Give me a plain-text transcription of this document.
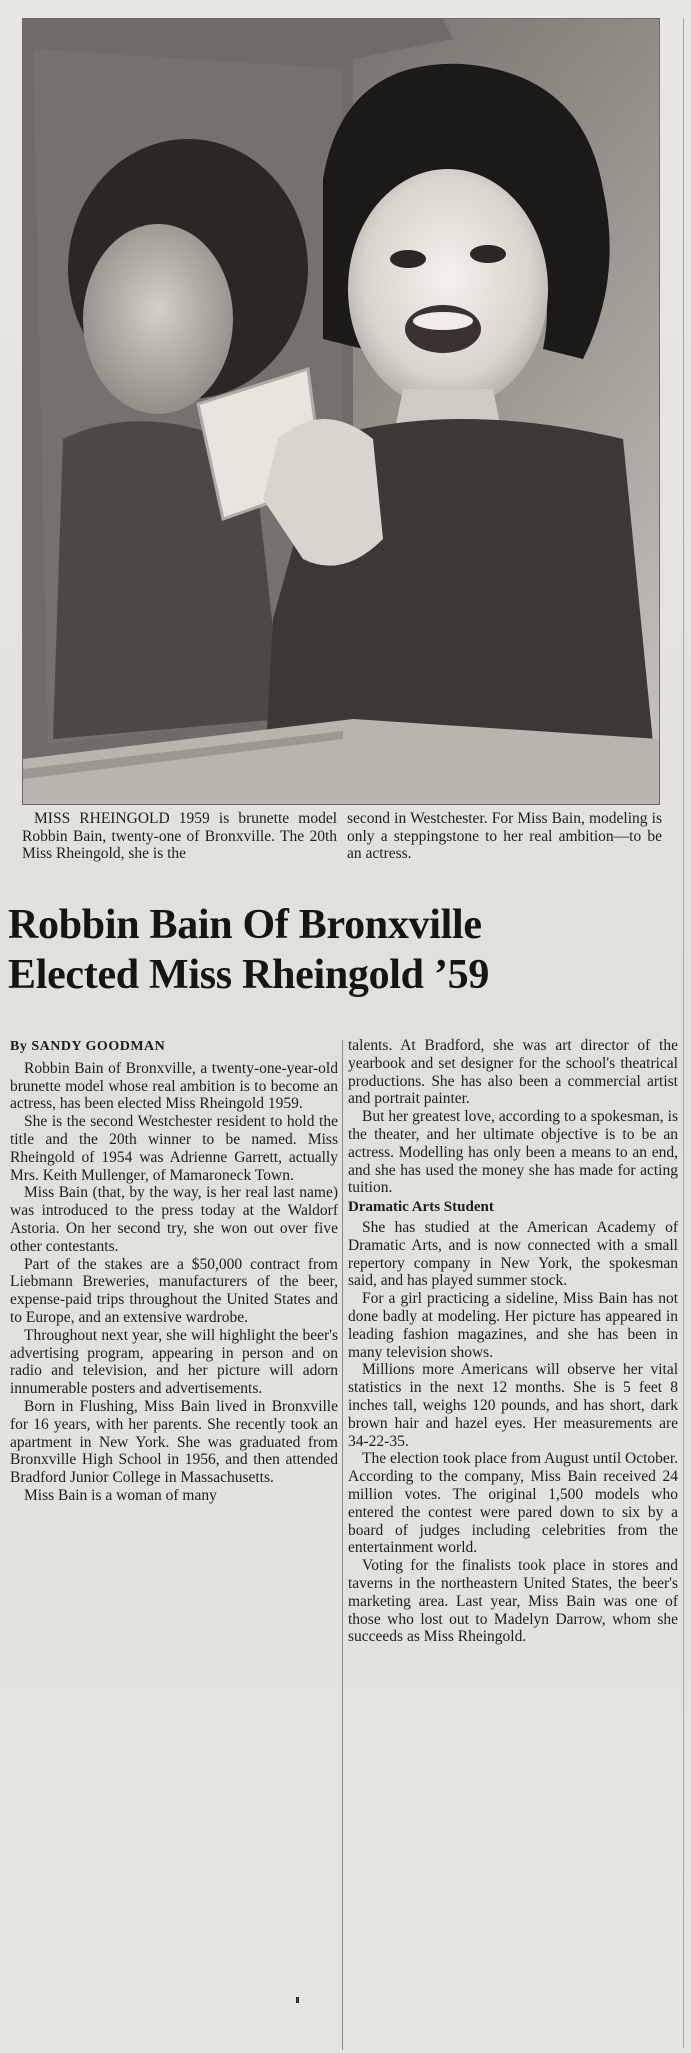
MISS RHEINGOLD 1959 is brunette model Robbin Bain, twenty-one of Bronxville. The 20th Miss Rheingold, she is the
second in Westchester. For Miss Bain, modeling is only a steppingstone to her real ambition—to be an actress.
Robbin Bain Of Bronxville
Elected Miss Rheingold ’59

By SANDY GOODMAN

Robbin Bain of Bronxville, a twenty-one-year-old brunette model whose real ambition is to become an actress, has been elected Miss Rheingold 1959.

She is the second Westchester resident to hold the title and the 20th winner to be named. Miss Rheingold of 1954 was Adrienne Garrett, actually Mrs. Keith Mullenger, of Mamaroneck Town.

Miss Bain (that, by the way, is her real last name) was introduced to the press today at the Waldorf Astoria. On her second try, she won out over five other contestants.

Part of the stakes are a $50,000 contract from Liebmann Breweries, manufacturers of the beer, expense-paid trips throughout the United States and to Europe, and an extensive wardrobe.

Throughout next year, she will highlight the beer's advertising program, appearing in person and on radio and television, and her picture will adorn innumerable posters and advertisements.

Born in Flushing, Miss Bain lived in Bronxville for 16 years, with her parents. She recently took an apartment in New York. She was graduated from Bronxville High School in 1956, and then attended Bradford Junior College in Massachusetts.

Miss Bain is a woman of many

talents. At Bradford, she was art director of the yearbook and set designer for the school's theatrical productions. She has also been a commercial artist and portrait painter.

But her greatest love, according to a spokesman, is the theater, and her ultimate objective is to be an actress. Modelling has only been a means to an end, and she has used the money she has made for acting tuition.

Dramatic Arts Student

She has studied at the American Academy of Dramatic Arts, and is now connected with a small repertory company in New York, the spokesman said, and has played summer stock.

For a girl practicing a sideline, Miss Bain has not done badly at modeling. Her picture has appeared in leading fashion magazines, and she has been in many television shows.

Millions more Americans will observe her vital statistics in the next 12 months. She is 5 feet 8 inches tall, weighs 120 pounds, and has short, dark brown hair and hazel eyes. Her measurements are 34-22-35.

The election took place from August until October. According to the company, Miss Bain received 24 million votes. The original 1,500 models who entered the contest were pared down to six by a board of judges including celebrities from the entertainment world.

Voting for the finalists took place in stores and taverns in the northeastern United States, the beer's marketing area. Last year, Miss Bain was one of those who lost out to Madelyn Darrow, whom she succeeds as Miss Rheingold.
